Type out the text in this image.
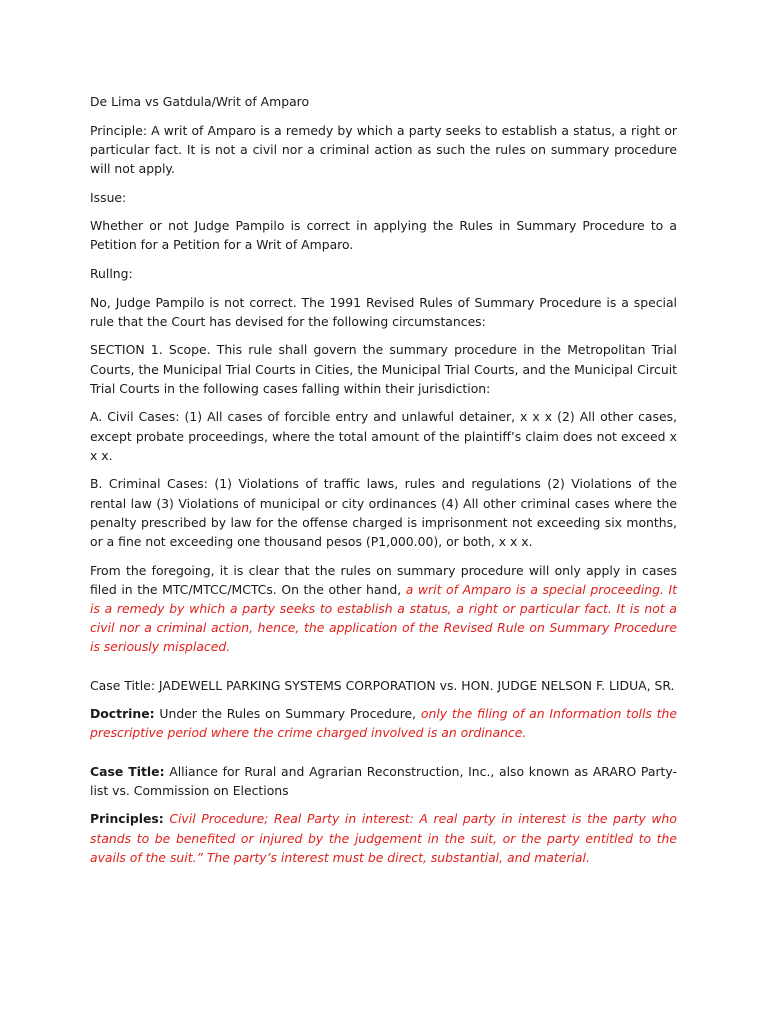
De Lima vs Gatdula/Writ of Amparo

Principle: A writ of Amparo is a remedy by which a party seeks to establish a status, a right or particular fact. It is not a civil nor a criminal action as such the rules on summary procedure will not apply.

Issue:

Whether or not Judge Pampilo is correct in applying the Rules in Summary Procedure to a Petition for a Petition for a Writ of Amparo.

Rullng:

No, Judge Pampilo is not correct. The 1991 Revised Rules of Summary Procedure is a special rule that the Court has devised for the following circumstances:

SECTION 1. Scope. This rule shall govern the summary procedure in the Metropolitan Trial Courts, the Municipal Trial Courts in Cities, the Municipal Trial Courts, and the Municipal Circuit Trial Courts in the following cases falling within their jurisdiction:

A. Civil Cases: (1) All cases of forcible entry and unlawful detainer, x x x (2) All other cases, except probate proceedings, where the total amount of the plaintiff’s claim does not exceed x x x.

B. Criminal Cases: (1) Violations of traffic laws, rules and regulations (2) Violations of the rental law (3) Violations of municipal or city ordinances (4) All other criminal cases where the penalty prescribed by law for the offense charged is imprisonment not exceeding six months, or a fine not exceeding one thousand pesos (P1,000.00), or both, x x x.

From the foregoing, it is clear that the rules on summary procedure will only apply in cases filed in the MTC/MTCC/MCTCs. On the other hand, a writ of Amparo is a special proceeding. It is a remedy by which a party seeks to establish a status, a right or particular fact. It is not a civil nor a criminal action, hence, the application of the Revised Rule on Summary Procedure is seriously misplaced.

Case Title: JADEWELL PARKING SYSTEMS CORPORATION vs. HON. JUDGE NELSON F. LIDUA, SR.

Doctrine: Under the Rules on Summary Procedure, only the filing of an Information tolls the prescriptive period where the crime charged involved is an ordinance.

Case Title: Alliance for Rural and Agrarian Reconstruction, Inc., also known as ARARO Party-list vs. Commission on Elections

Principles: Civil Procedure; Real Party in interest: A real party in interest is the party who stands to be benefited or injured by the judgement in the suit, or the party entitled to the avails of the suit.” The party’s interest must be direct, substantial, and material.
